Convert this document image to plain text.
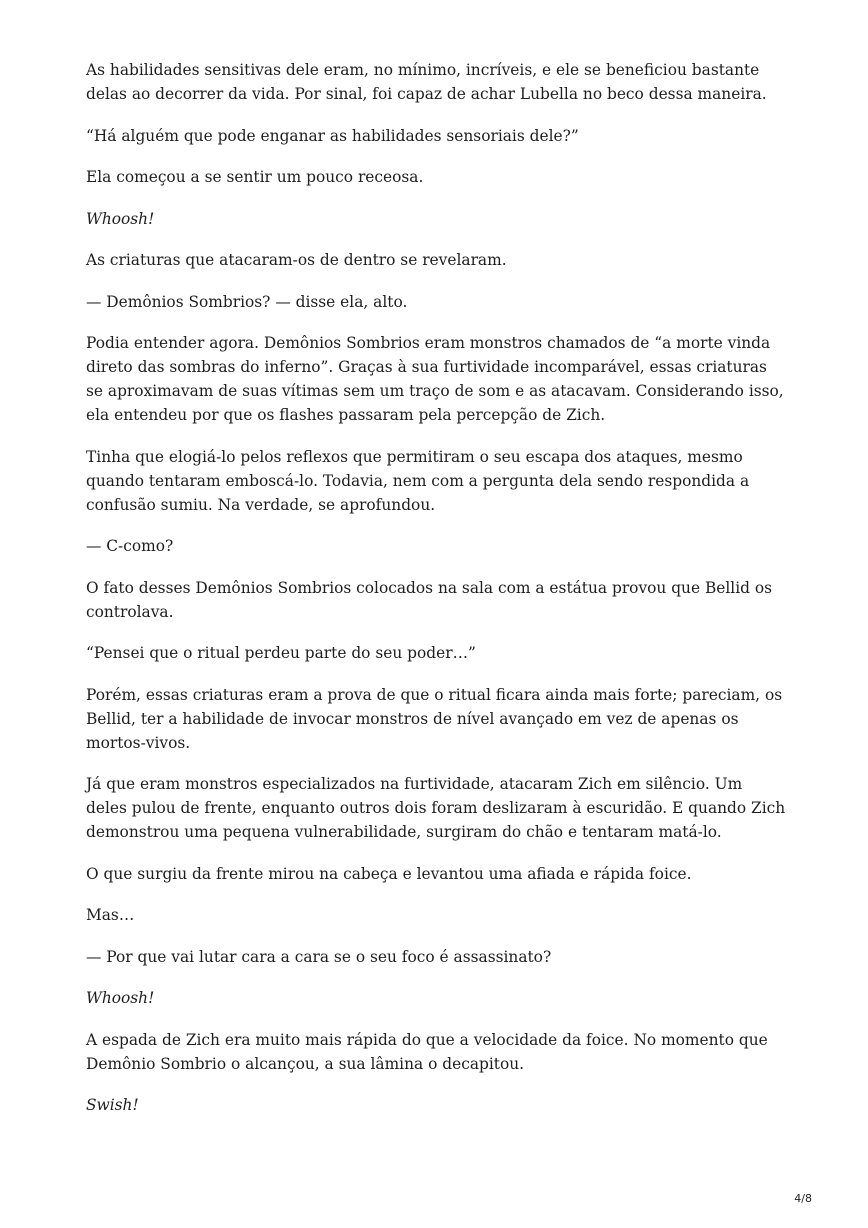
As habilidades sensitivas dele eram, no mínimo, incríveis, e ele se beneficiou bastante delas ao decorrer da vida. Por sinal, foi capaz de achar Lubella no beco dessa maneira.

“Há alguém que pode enganar as habilidades sensoriais dele?”

Ela começou a se sentir um pouco receosa.

Whoosh!

As criaturas que atacaram-os de dentro se revelaram.

— Demônios Sombrios? — disse ela, alto.

Podia entender agora. Demônios Sombrios eram monstros chamados de “a morte vinda direto das sombras do inferno”. Graças à sua furtividade incomparável, essas criaturas se aproximavam de suas vítimas sem um traço de som e as atacavam. Considerando isso, ela entendeu por que os flashes passaram pela percepção de Zich.

Tinha que elogiá-lo pelos reflexos que permitiram o seu escapa dos ataques, mesmo quando tentaram emboscá-lo. Todavia, nem com a pergunta dela sendo respondida a confusão sumiu. Na verdade, se aprofundou.

— C-como?

O fato desses Demônios Sombrios colocados na sala com a estátua provou que Bellid os controlava.

“Pensei que o ritual perdeu parte do seu poder…”

Porém, essas criaturas eram a prova de que o ritual ficara ainda mais forte; pareciam, os Bellid, ter a habilidade de invocar monstros de nível avançado em vez de apenas os mortos-vivos.

Já que eram monstros especializados na furtividade, atacaram Zich em silêncio. Um deles pulou de frente, enquanto outros dois foram deslizaram à escuridão. E quando Zich demonstrou uma pequena vulnerabilidade, surgiram do chão e tentaram matá-lo.

O que surgiu da frente mirou na cabeça e levantou uma afiada e rápida foice.

Mas…

— Por que vai lutar cara a cara se o seu foco é assassinato?

Whoosh!

A espada de Zich era muito mais rápida do que a velocidade da foice. No momento que Demônio Sombrio o alcançou, a sua lâmina o decapitou.

Swish!

4/8
